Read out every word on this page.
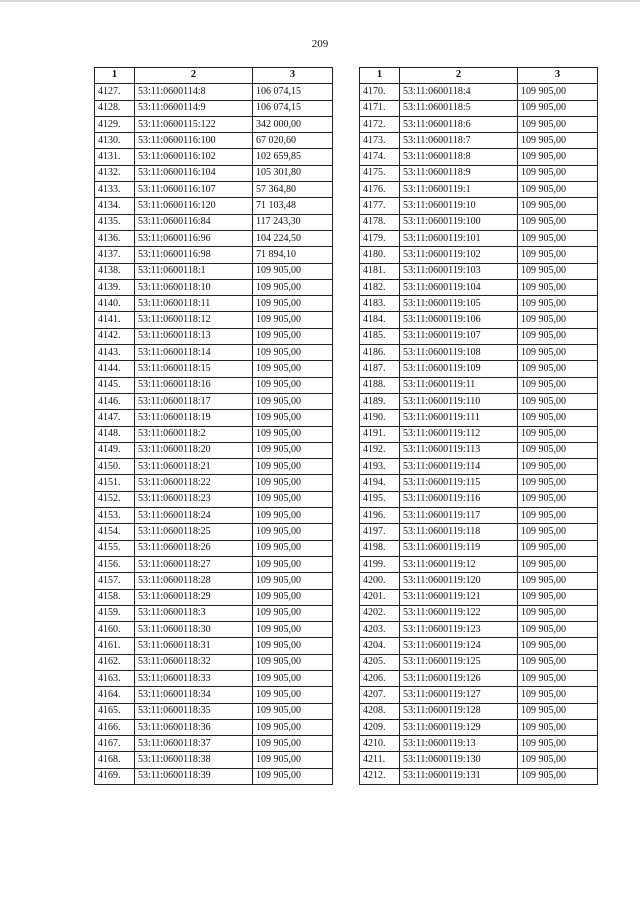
209
1	2	3
4127.	53:11:0600114:8	106 074,15
4128.	53:11:0600114:9	106 074,15
4129.	53:11:0600115:122	342 000,00
4130.	53:11:0600116:100	67 020,60
4131.	53:11:0600116:102	102 659,85
4132.	53:11:0600116:104	105 301,80
4133.	53:11:0600116:107	57 364,80
4134.	53:11:0600116:120	71 103,48
4135.	53:11:0600116:84	117 243,30
4136.	53:11:0600116:96	104 224,50
4137.	53:11:0600116:98	71 894,10
4138.	53:11:0600118:1	109 905,00
4139.	53:11:0600118:10	109 905,00
4140.	53:11:0600118:11	109 905,00
4141.	53:11:0600118:12	109 905,00
4142.	53:11:0600118:13	109 905,00
4143.	53:11:0600118:14	109 905,00
4144.	53:11:0600118:15	109 905,00
4145.	53:11:0600118:16	109 905,00
4146.	53:11:0600118:17	109 905,00
4147.	53:11:0600118:19	109 905,00
4148.	53:11:0600118:2	109 905,00
4149.	53:11:0600118:20	109 905,00
4150.	53:11:0600118:21	109 905,00
4151.	53:11:0600118:22	109 905,00
4152.	53:11:0600118:23	109 905,00
4153.	53:11:0600118:24	109 905,00
4154.	53:11:0600118:25	109 905,00
4155.	53:11:0600118:26	109 905,00
4156.	53:11:0600118:27	109 905,00
4157.	53:11:0600118:28	109 905,00
4158.	53:11:0600118:29	109 905,00
4159.	53:11:0600118:3	109 905,00
4160.	53:11:0600118:30	109 905,00
4161.	53:11:0600118:31	109 905,00
4162.	53:11:0600118:32	109 905,00
4163.	53:11:0600118:33	109 905,00
4164.	53:11:0600118:34	109 905,00
4165.	53:11:0600118:35	109 905,00
4166.	53:11:0600118:36	109 905,00
4167.	53:11:0600118:37	109 905,00
4168.	53:11:0600118:38	109 905,00
4169.	53:11:0600118:39	109 905,00
1	2	3
4170.	53:11:0600118:4	109 905,00
4171.	53:11:0600118:5	109 905,00
4172.	53:11:0600118:6	109 905,00
4173.	53:11:0600118:7	109 905,00
4174.	53:11:0600118:8	109 905,00
4175.	53:11:0600118:9	109 905,00
4176.	53:11:0600119:1	109 905,00
4177.	53:11:0600119:10	109 905,00
4178.	53:11:0600119:100	109 905,00
4179.	53:11:0600119:101	109 905,00
4180.	53:11:0600119:102	109 905,00
4181.	53:11:0600119:103	109 905,00
4182.	53:11:0600119:104	109 905,00
4183.	53:11:0600119:105	109 905,00
4184.	53:11:0600119:106	109 905,00
4185.	53:11:0600119:107	109 905,00
4186.	53:11:0600119:108	109 905,00
4187.	53:11:0600119:109	109 905,00
4188.	53:11:0600119:11	109 905,00
4189.	53:11:0600119:110	109 905,00
4190.	53:11:0600119:111	109 905,00
4191.	53:11:0600119:112	109 905,00
4192.	53:11:0600119:113	109 905,00
4193.	53:11:0600119:114	109 905,00
4194.	53:11:0600119:115	109 905,00
4195.	53:11:0600119:116	109 905,00
4196.	53:11:0600119:117	109 905,00
4197.	53:11:0600119:118	109 905,00
4198.	53:11:0600119:119	109 905,00
4199.	53:11:0600119:12	109 905,00
4200.	53:11:0600119:120	109 905,00
4201.	53:11:0600119:121	109 905,00
4202.	53:11:0600119:122	109 905,00
4203.	53:11:0600119:123	109 905,00
4204.	53:11:0600119:124	109 905,00
4205.	53:11:0600119:125	109 905,00
4206.	53:11:0600119:126	109 905,00
4207.	53:11:0600119:127	109 905,00
4208.	53:11:0600119:128	109 905,00
4209.	53:11:0600119:129	109 905,00
4210.	53:11:0600119:13	109 905,00
4211.	53:11:0600119:130	109 905,00
4212.	53:11:0600119:131	109 905,00
